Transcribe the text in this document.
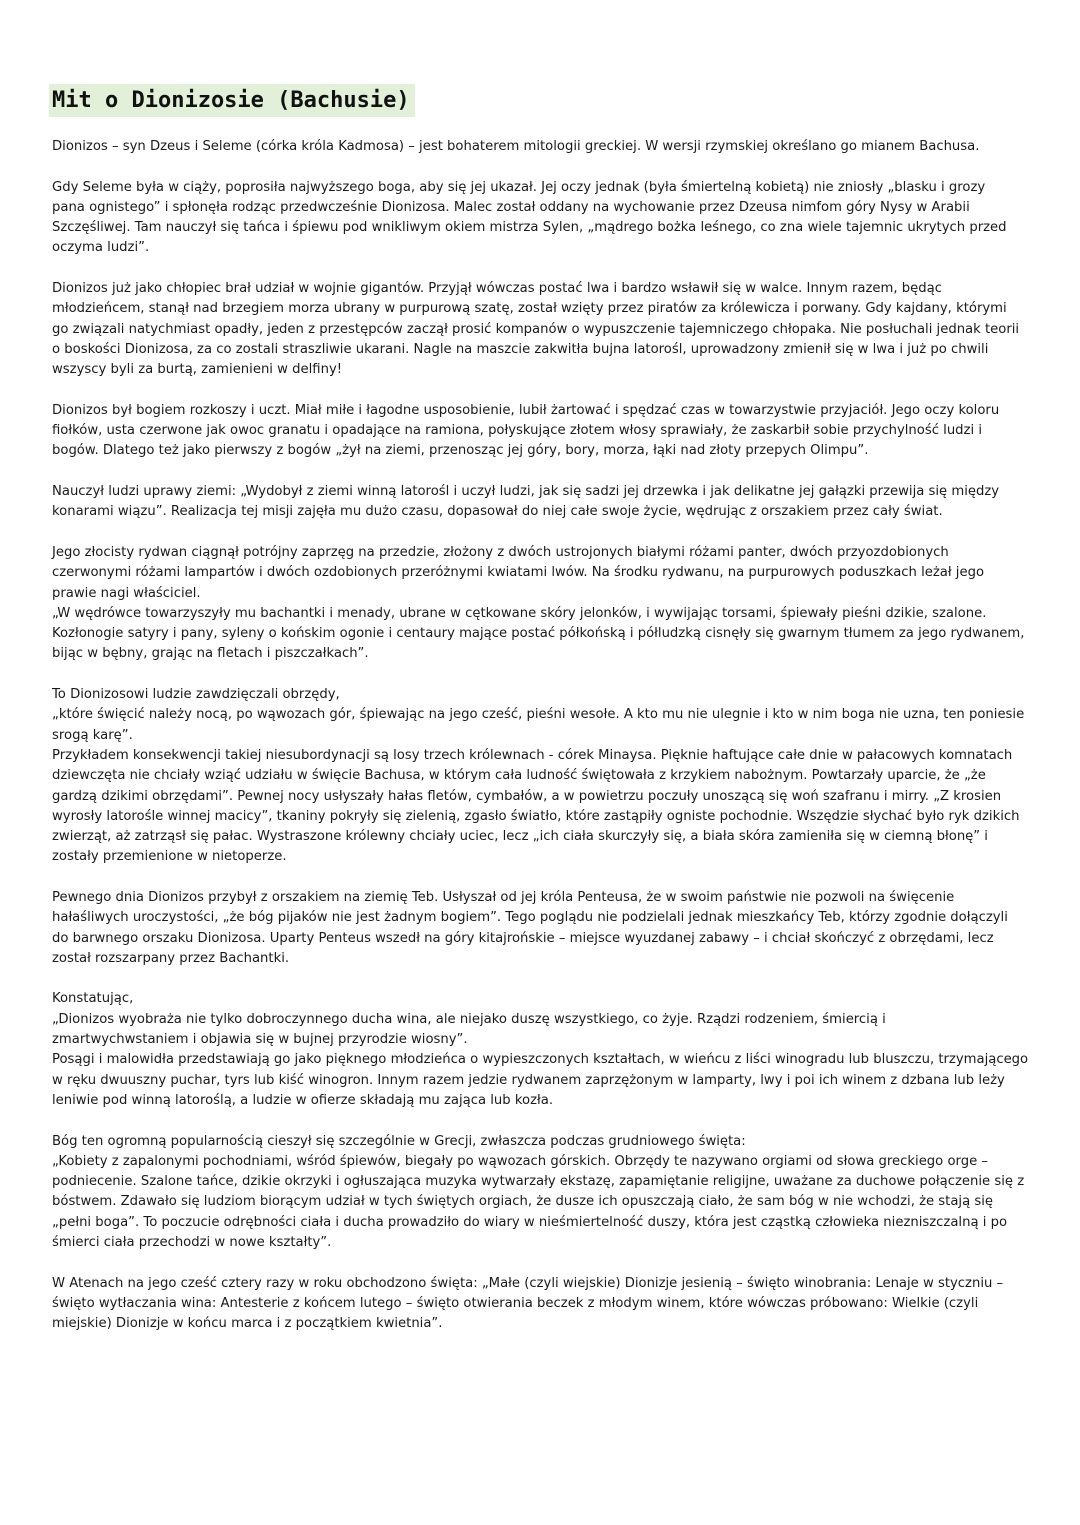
Mit o Dionizosie (Bachusie)
Dionizos – syn Dzeus i Seleme (córka króla Kadmosa) – jest bohaterem mitologii greckiej. W wersji rzymskiej określano go mianem Bachusa.
Gdy Seleme była w ciąży, poprosiła najwyższego boga, aby się jej ukazał. Jej oczy jednak (była śmiertelną kobietą) nie zniosły „blasku i grozy
pana ognistego” i spłonęła rodząc przedwcześnie Dionizosa. Malec został oddany na wychowanie przez Dzeusa nimfom góry Nysy w Arabii
Szczęśliwej. Tam nauczył się tańca i śpiewu pod wnikliwym okiem mistrza Sylen, „mądrego bożka leśnego, co zna wiele tajemnic ukrytych przed
oczyma ludzi”.
Dionizos już jako chłopiec brał udział w wojnie gigantów. Przyjął wówczas postać lwa i bardzo wsławił się w walce. Innym razem, będąc
młodzieńcem, stanął nad brzegiem morza ubrany w purpurową szatę, został wzięty przez piratów za królewicza i porwany. Gdy kajdany, którymi
go związali natychmiast opadły, jeden z przestępców zaczął prosić kompanów o wypuszczenie tajemniczego chłopaka. Nie posłuchali jednak teorii
o boskości Dionizosa, za co zostali straszliwie ukarani. Nagle na maszcie zakwitła bujna latorośl, uprowadzony zmienił się w lwa i już po chwili
wszyscy byli za burtą, zamienieni w delfiny!
Dionizos był bogiem rozkoszy i uczt. Miał miłe i łagodne usposobienie, lubił żartować i spędzać czas w towarzystwie przyjaciół. Jego oczy koloru
fiołków, usta czerwone jak owoc granatu i opadające na ramiona, połyskujące złotem włosy sprawiały, że zaskarbił sobie przychylność ludzi i
bogów. Dlatego też jako pierwszy z bogów „żył na ziemi, przenosząc jej góry, bory, morza, łąki nad złoty przepych Olimpu”.
Nauczył ludzi uprawy ziemi: „Wydobył z ziemi winną latorośl i uczył ludzi, jak się sadzi jej drzewka i jak delikatne jej gałązki przewija się między
konarami wiązu”. Realizacja tej misji zajęła mu dużo czasu, dopasował do niej całe swoje życie, wędrując z orszakiem przez cały świat.
Jego złocisty rydwan ciągnął potrójny zaprzęg na przedzie, złożony z dwóch ustrojonych białymi różami panter, dwóch przyozdobionych
czerwonymi różami lampartów i dwóch ozdobionych przeróżnymi kwiatami lwów. Na środku rydwanu, na purpurowych poduszkach leżał jego
prawie nagi właściciel.
„W wędrówce towarzyszyły mu bachantki i menady, ubrane w cętkowane skóry jelonków, i wywijając torsami, śpiewały pieśni dzikie, szalone.
Kozłonogie satyry i pany, syleny o końskim ogonie i centaury mające postać półkońską i półludzką cisnęły się gwarnym tłumem za jego rydwanem,
bijąc w bębny, grając na fletach i piszczałkach”.
To Dionizosowi ludzie zawdzięczali obrzędy,
„które święcić należy nocą, po wąwozach gór, śpiewając na jego cześć, pieśni wesołe. A kto mu nie ulegnie i kto w nim boga nie uzna, ten poniesie
srogą karę”.
Przykładem konsekwencji takiej niesubordynacji są losy trzech królewnach - córek Minaysa. Pięknie haftujące całe dnie w pałacowych komnatach
dziewczęta nie chciały wziąć udziału w święcie Bachusa, w którym cała ludność świętowała z krzykiem nabożnym. Powtarzały uparcie, że „że
gardzą dzikimi obrzędami”. Pewnej nocy usłyszały hałas fletów, cymbałów, a w powietrzu poczuły unoszącą się woń szafranu i mirry. „Z krosien
wyrosły latorośle winnej macicy”, tkaniny pokryły się zielenią, zgasło światło, które zastąpiły ogniste pochodnie. Wszędzie słychać było ryk dzikich
zwierząt, aż zatrząsł się pałac. Wystraszone królewny chciały uciec, lecz „ich ciała skurczyły się, a biała skóra zamieniła się w ciemną błonę” i
zostały przemienione w nietoperze.
Pewnego dnia Dionizos przybył z orszakiem na ziemię Teb. Usłyszał od jej króla Penteusa, że w swoim państwie nie pozwoli na święcenie
hałaśliwych uroczystości, „że bóg pijaków nie jest żadnym bogiem”. Tego poglądu nie podzielali jednak mieszkańcy Teb, którzy zgodnie dołączyli
do barwnego orszaku Dionizosa. Uparty Penteus wszedł na góry kitajrońskie – miejsce wyuzdanej zabawy – i chciał skończyć z obrzędami, lecz
został rozszarpany przez Bachantki.
Konstatując,
„Dionizos wyobraża nie tylko dobroczynnego ducha wina, ale niejako duszę wszystkiego, co żyje. Rządzi rodzeniem, śmiercią i
zmartwychwstaniem i objawia się w bujnej przyrodzie wiosny”.
Posągi i malowidła przedstawiają go jako pięknego młodzieńca o wypieszczonych kształtach, w wieńcu z liści winogradu lub bluszczu, trzymającego
w ręku dwuuszny puchar, tyrs lub kiść winogron. Innym razem jedzie rydwanem zaprzężonym w lamparty, lwy i poi ich winem z dzbana lub leży
leniwie pod winną latoroślą, a ludzie w ofierze składają mu zająca lub kozła.
Bóg ten ogromną popularnością cieszył się szczególnie w Grecji, zwłaszcza podczas grudniowego święta:
„Kobiety z zapalonymi pochodniami, wśród śpiewów, biegały po wąwozach górskich. Obrzędy te nazywano orgiami od słowa greckiego orge –
podniecenie. Szalone tańce, dzikie okrzyki i ogłuszająca muzyka wytwarzały ekstazę, zapamiętanie religijne, uważane za duchowe połączenie się z
bóstwem. Zdawało się ludziom biorącym udział w tych świętych orgiach, że dusze ich opuszczają ciało, że sam bóg w nie wchodzi, że stają się
„pełni boga”. To poczucie odrębności ciała i ducha prowadziło do wiary w nieśmiertelność duszy, która jest cząstką człowieka niezniszczalną i po
śmierci ciała przechodzi w nowe kształty”.
W Atenach na jego cześć cztery razy w roku obchodzono święta: „Małe (czyli wiejskie) Dionizje jesienią – święto winobrania: Lenaje w styczniu –
święto wytłaczania wina: Antesterie z końcem lutego – święto otwierania beczek z młodym winem, które wówczas próbowano: Wielkie (czyli
miejskie) Dionizje w końcu marca i z początkiem kwietnia”.
